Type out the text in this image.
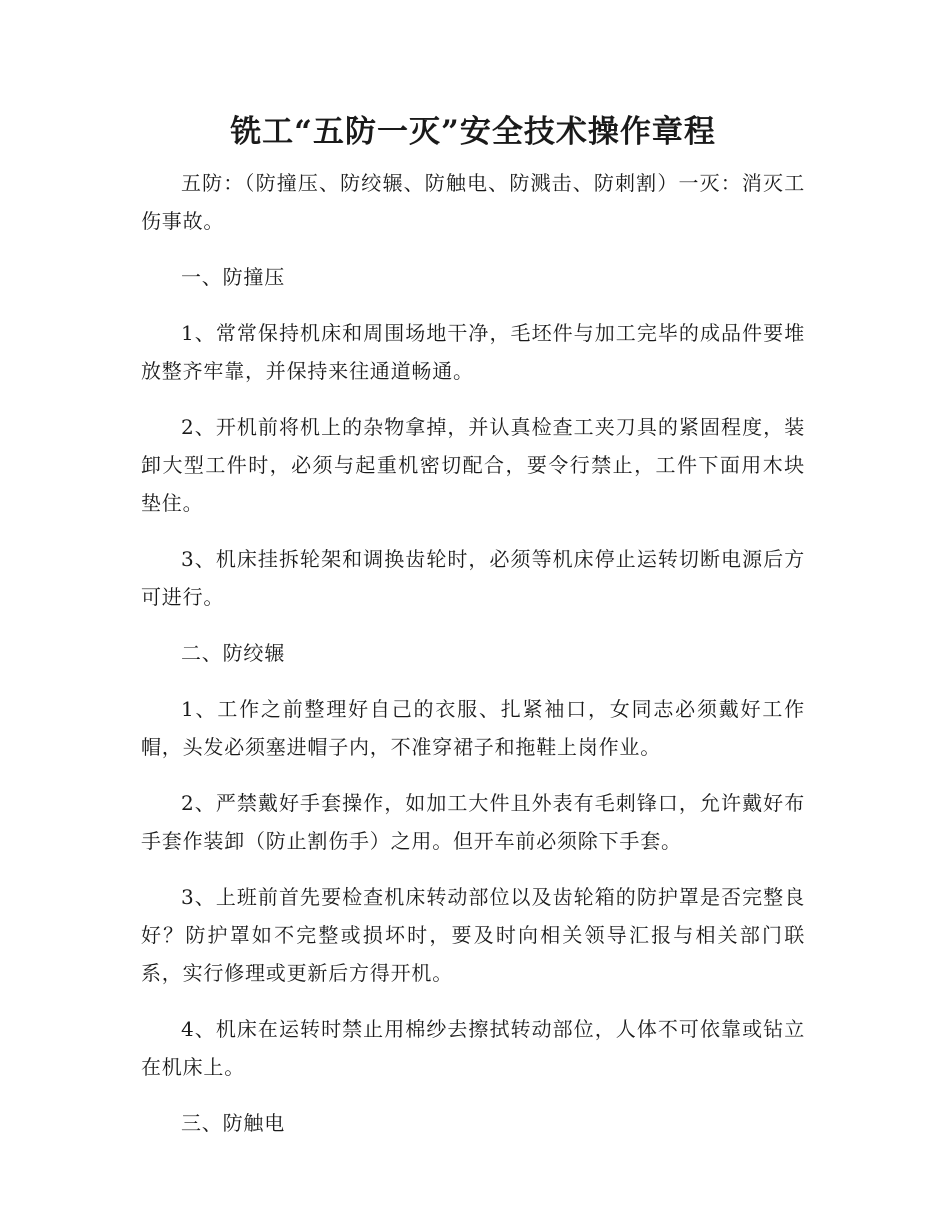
铣工“五防一灭”安全技术操作章程

五防：（防撞压、防绞辗、防触电、防溅击、防刺割）一灭：消灭工伤事故。

一、防撞压

1、常常保持机床和周围场地干净，毛坯件与加工完毕的成品件要堆放整齐牢靠，并保持来往通道畅通。

2、开机前将机上的杂物拿掉，并认真检查工夹刀具的紧固程度，装卸大型工件时，必须与起重机密切配合，要令行禁止，工件下面用木块垫住。

3、机床挂拆轮架和调换齿轮时，必须等机床停止运转切断电源后方可进行。

二、防绞辗

1、工作之前整理好自己的衣服、扎紧袖口，女同志必须戴好工作帽，头发必须塞进帽子内，不准穿裙子和拖鞋上岗作业。

2、严禁戴好手套操作，如加工大件且外表有毛刺锋口，允许戴好布手套作装卸（防止割伤手）之用。但开车前必须除下手套。

3、上班前首先要检查机床转动部位以及齿轮箱的防护罩是否完整良好？防护罩如不完整或损坏时，要及时向相关领导汇报与相关部门联系，实行修理或更新后方得开机。

4、机床在运转时禁止用棉纱去擦拭转动部位，人体不可依靠或钻立在机床上。

三、防触电
